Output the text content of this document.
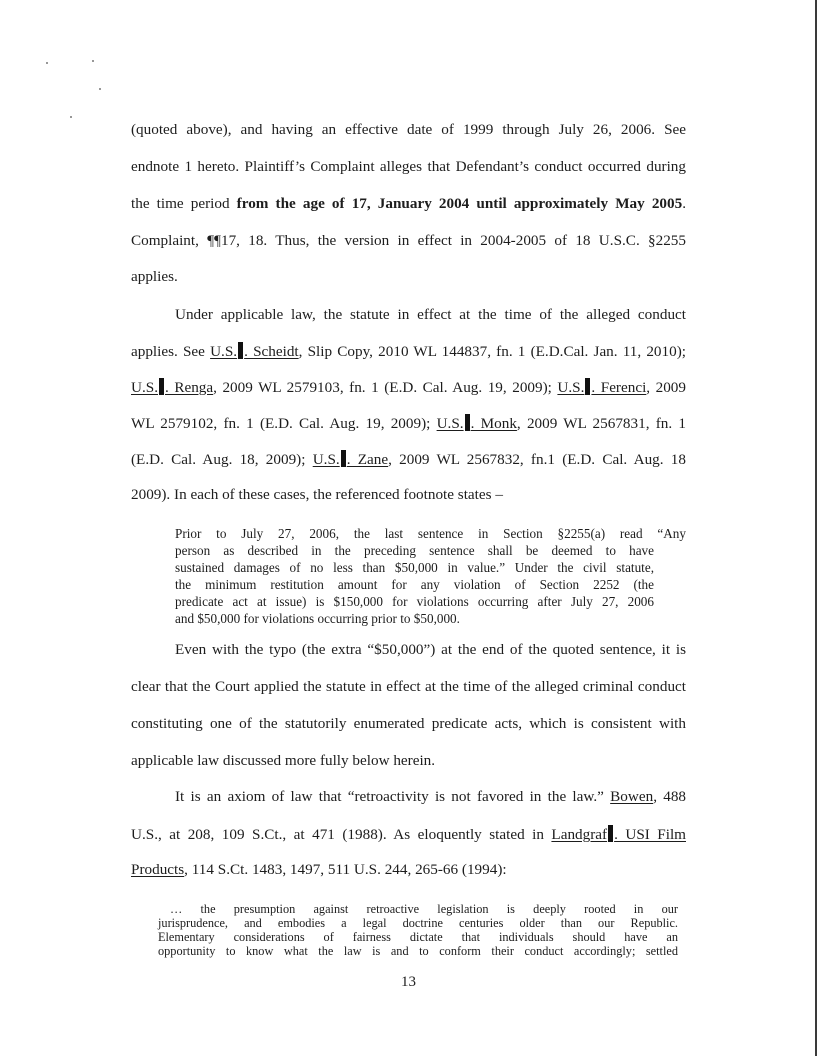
(quoted above), and having an effective date of 1999 through July 26, 2006. See
endnote 1 hereto. Plaintiff’s Complaint alleges that Defendant’s conduct occurred during
the time period from the age of 17, January 2004 until approximately May 2005.
Complaint, ¶¶17, 18. Thus, the version in effect in 2004-2005 of 18 U.S.C. §2255
applies.
Under applicable law, the statute in effect at the time of the alleged conduct
applies. See U.S. . Scheidt, Slip Copy, 2010 WL 144837, fn. 1 (E.D.Cal. Jan. 11, 2010);
U.S. . Renga, 2009 WL 2579103, fn. 1 (E.D. Cal. Aug. 19, 2009); U.S. . Ferenci, 2009
WL 2579102, fn. 1 (E.D. Cal. Aug. 19, 2009); U.S. . Monk, 2009 WL 2567831, fn. 1
(E.D. Cal. Aug. 18, 2009); U.S. . Zane, 2009 WL 2567832, fn.1 (E.D. Cal. Aug. 18
2009). In each of these cases, the referenced footnote states –
Prior to July 27, 2006, the last sentence in Section §2255(a) read “Any
person as described in the preceding sentence shall be deemed to have
sustained damages of no less than $50,000 in value.” Under the civil statute,
the minimum restitution amount for any violation of Section 2252 (the
predicate act at issue) is $150,000 for violations occurring after July 27, 2006
and $50,000 for violations occurring prior to $50,000.
Even with the typo (the extra “$50,000”) at the end of the quoted sentence, it is
clear that the Court applied the statute in effect at the time of the alleged criminal conduct
constituting one of the statutorily enumerated predicate acts, which is consistent with
applicable law discussed more fully below herein.
It is an axiom of law that “retroactivity is not favored in the law.” Bowen, 488
U.S., at 208, 109 S.Ct., at 471 (1988). As eloquently stated in Landgraf . USI Film
Products, 114 S.Ct. 1483, 1497, 511 U.S. 244, 265-66 (1994):
… the presumption against retroactive legislation is deeply rooted in our
jurisprudence, and embodies a legal doctrine centuries older than our Republic.
Elementary considerations of fairness dictate that individuals should have an
opportunity to know what the law is and to conform their conduct accordingly; settled
13
